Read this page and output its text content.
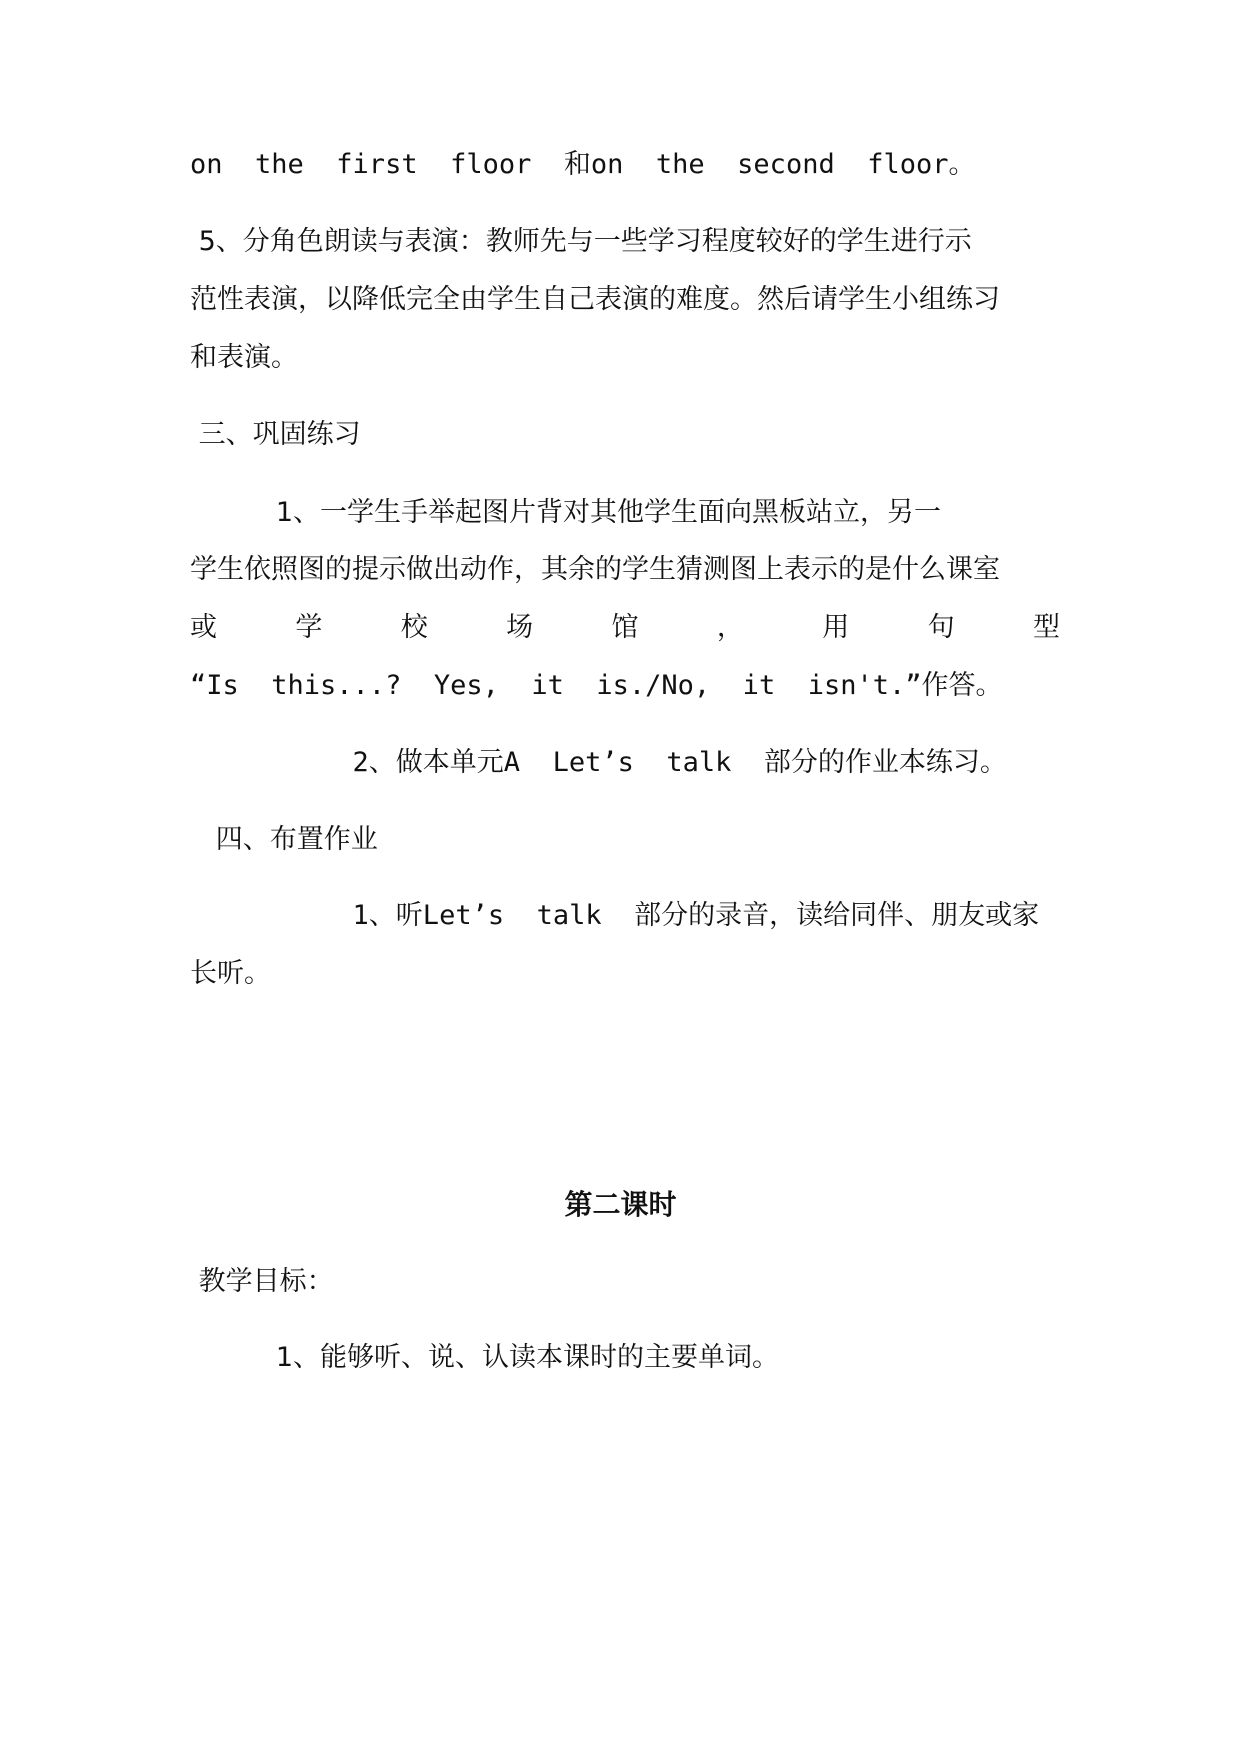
on  the  first  floor  和on  the  second  floor。
5、分角色朗读与表演：教师先与一些学习程度较好的学生进行示
范性表演，以降低完全由学生自己表演的难度。然后请学生小组练习
和表演。
三、巩固练习
1、一学生手举起图片背对其他学生面向黑板站立，另一
学生依照图的提示做出动作，其余的学生猜测图上表示的是什么课室
或	学	校	场	馆	，	用	句	型
“Is  this...?  Yes,  it  is./No,  it  isn't.”作答。
2、做本单元A  Let’s  talk  部分的作业本练习。
四、布置作业
1、听Let’s  talk  部分的录音，读给同伴、朋友或家
长听。
第二课时
教学目标：
1、能够听、说、认读本课时的主要单词。
